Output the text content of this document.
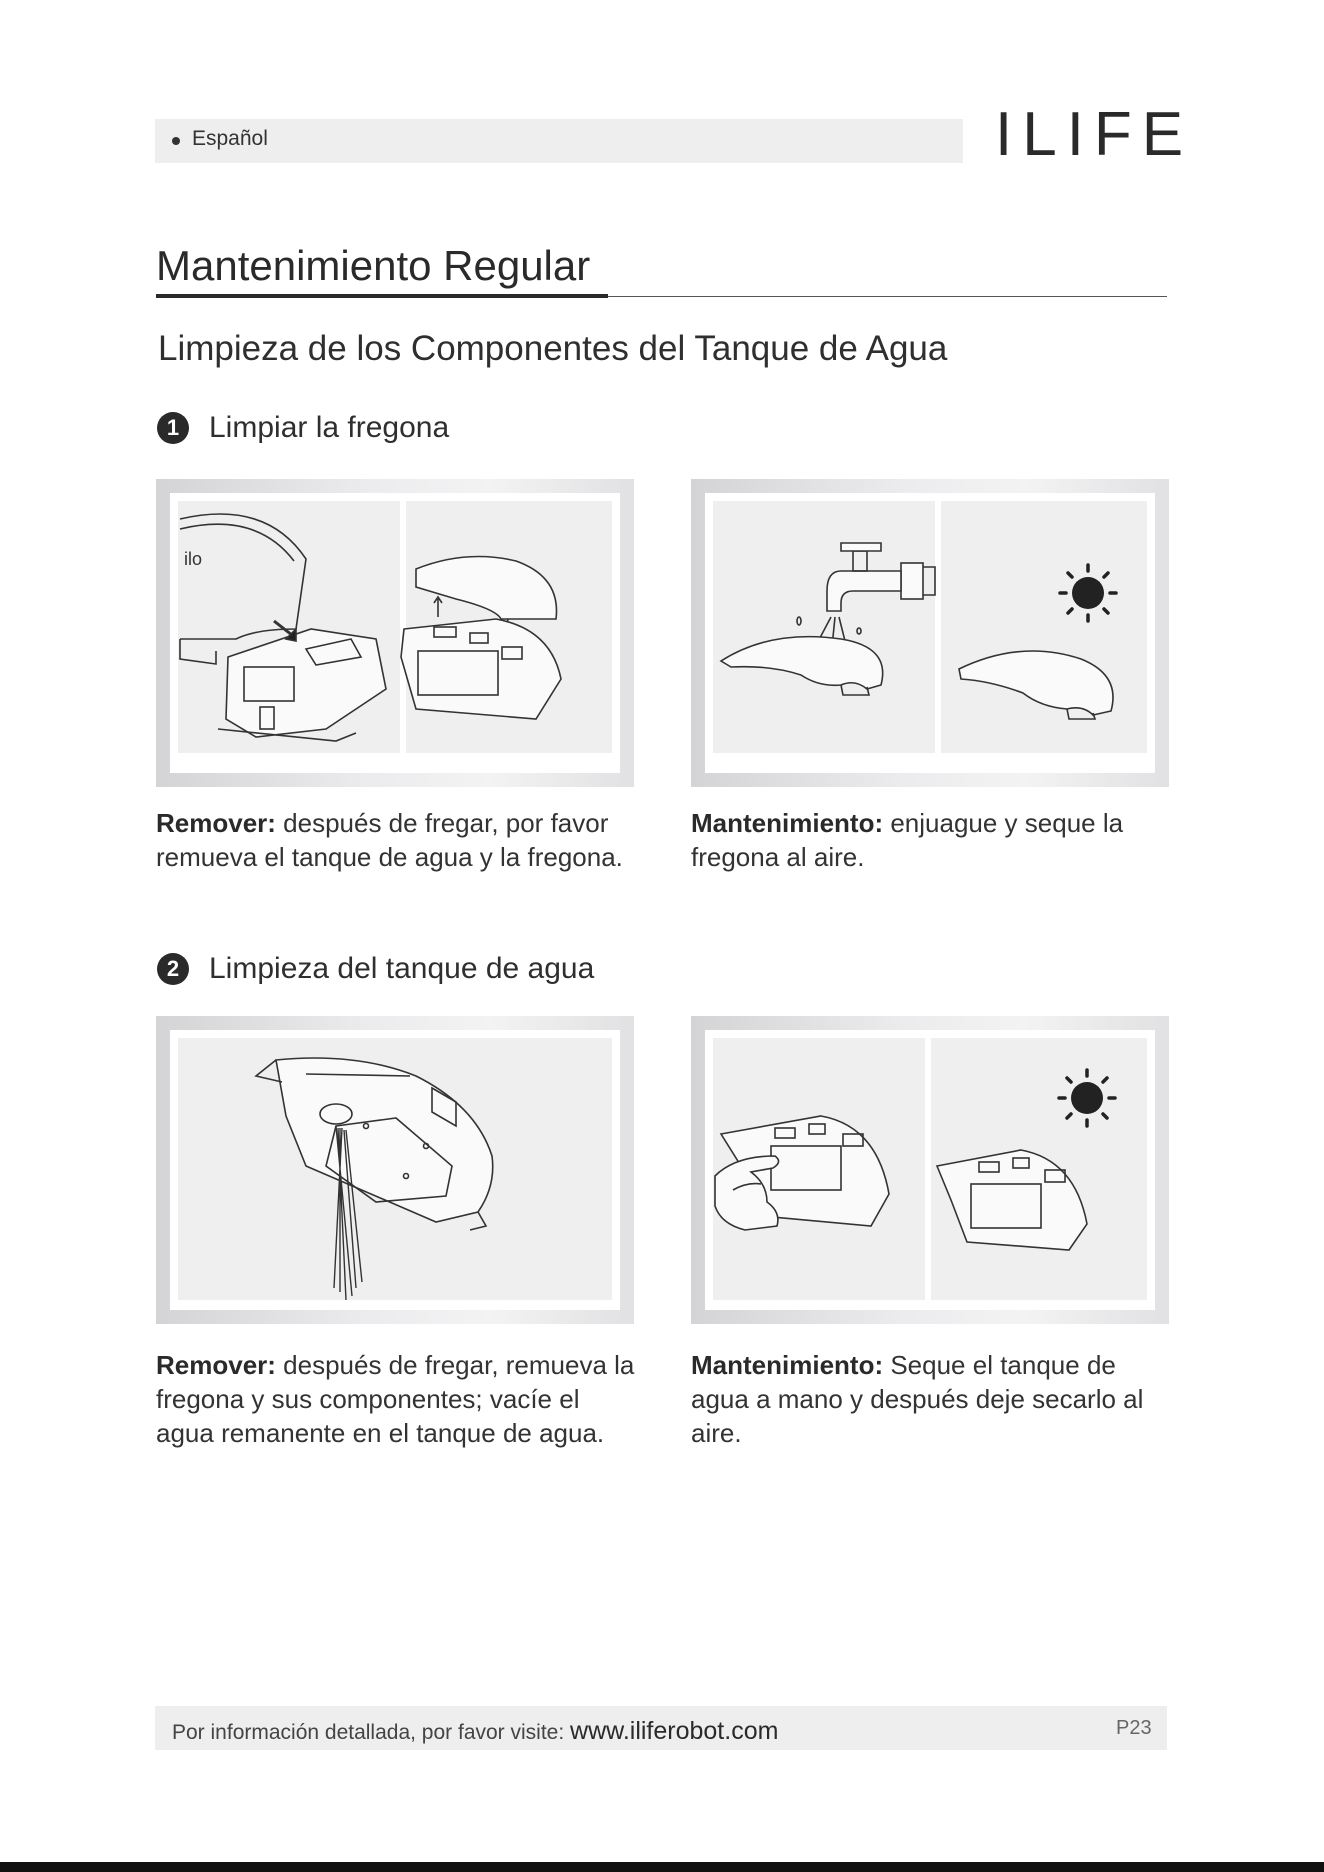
Español	ILIFE
Mantenimiento Regular
Limpieza de los Componentes del Tanque de Agua
1 Limpiar la fregona
ilo
Remover: después de fregar, por favor remueva el tanque de agua y la fregona.
Mantenimiento: enjuague y seque la fregona al aire.
2 Limpieza del tanque de agua
Remover: después de fregar, remueva la fregona y sus componentes; vacíe el agua remanente en el tanque de agua.
Mantenimiento: Seque el tanque de agua a mano y después deje secarlo al aire.
Por información detallada, por favor visite: www.iliferobot.com	P23
